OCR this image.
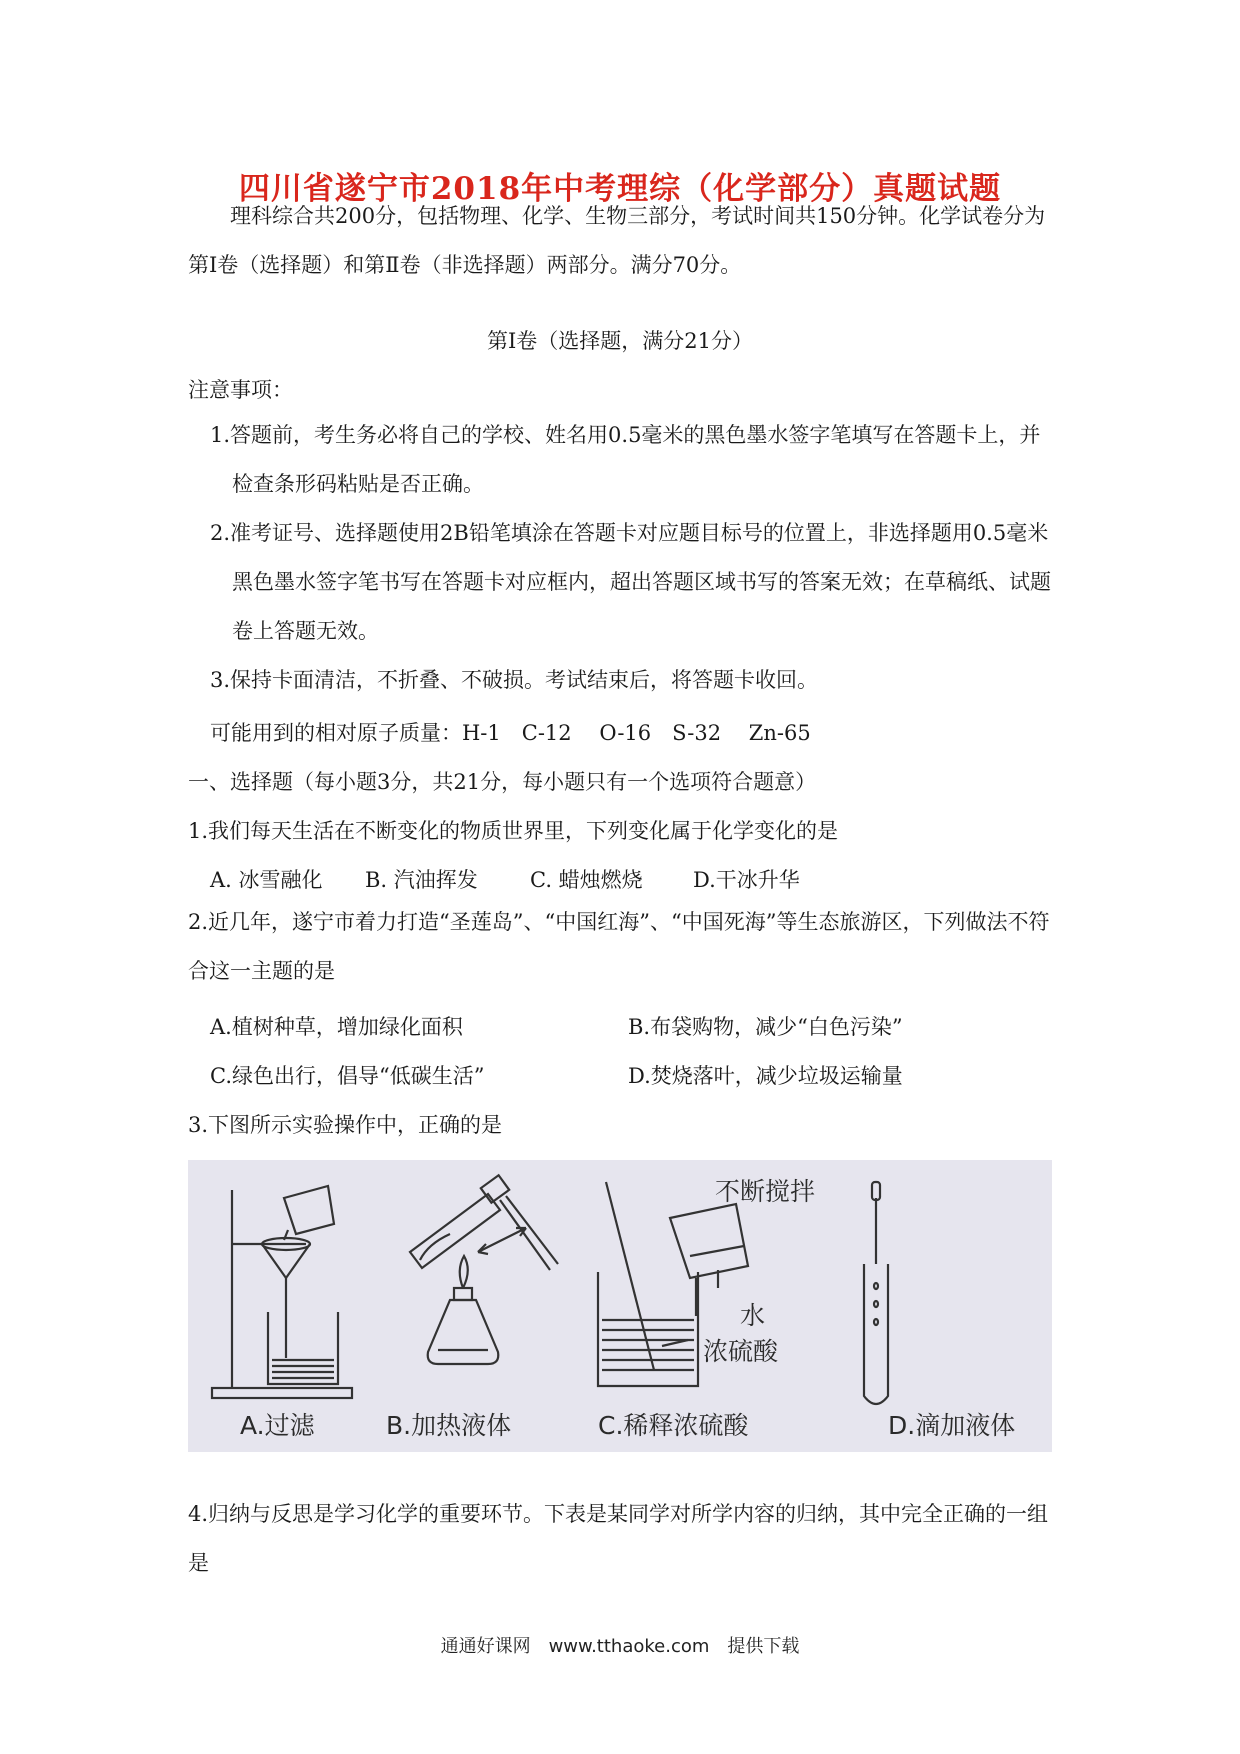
四川省遂宁市2018年中考理综（化学部分）真题试题
理科综合共200分，包括物理、化学、生物三部分，考试时间共150分钟。化学试卷分为第Ⅰ卷（选择题）和第Ⅱ卷（非选择题）两部分。满分70分。
第Ⅰ卷（选择题，满分21分）
注意事项：
1.答题前，考生务必将自己的学校、姓名用0.5毫米的黑色墨水签字笔填写在答题卡上，并检查条形码粘贴是否正确。
2.准考证号、选择题使用2B铅笔填涂在答题卡对应题目标号的位置上，非选择题用0.5毫米黑色墨水签字笔书写在答题卡对应框内，超出答题区域书写的答案无效；在草稿纸、试题卷上答题无效。
3.保持卡面清洁，不折叠、不破损。考试结束后，将答题卡收回。
可能用到的相对原子质量：H-1　C-12　 O-16　S-32　 Zn-65
一、选择题（每小题3分，共21分，每小题只有一个选项符合题意）
1.我们每天生活在不断变化的物质世界里，下列变化属于化学变化的是
A. 冰雪融化 B. 汽油挥发 C. 蜡烛燃烧 D.干冰升华
2.近几年，遂宁市着力打造“圣莲岛”、“中国红海”、“中国死海”等生态旅游区，下列做法不符合这一主题的是
A.植树种草，增加绿化面积	B.布袋购物，减少“白色污染”
C.绿色出行，倡导“低碳生活”	D.焚烧落叶，减少垃圾运输量
3.下图所示实验操作中，正确的是
不断搅拌
水
浓硫酸
A.过滤	B.加热液体	C.稀释浓硫酸	D.滴加液体
4.归纳与反思是学习化学的重要环节。下表是某同学对所学内容的归纳，其中完全正确的一组是
通通好课网　www.tthaoke.com　提供下载
